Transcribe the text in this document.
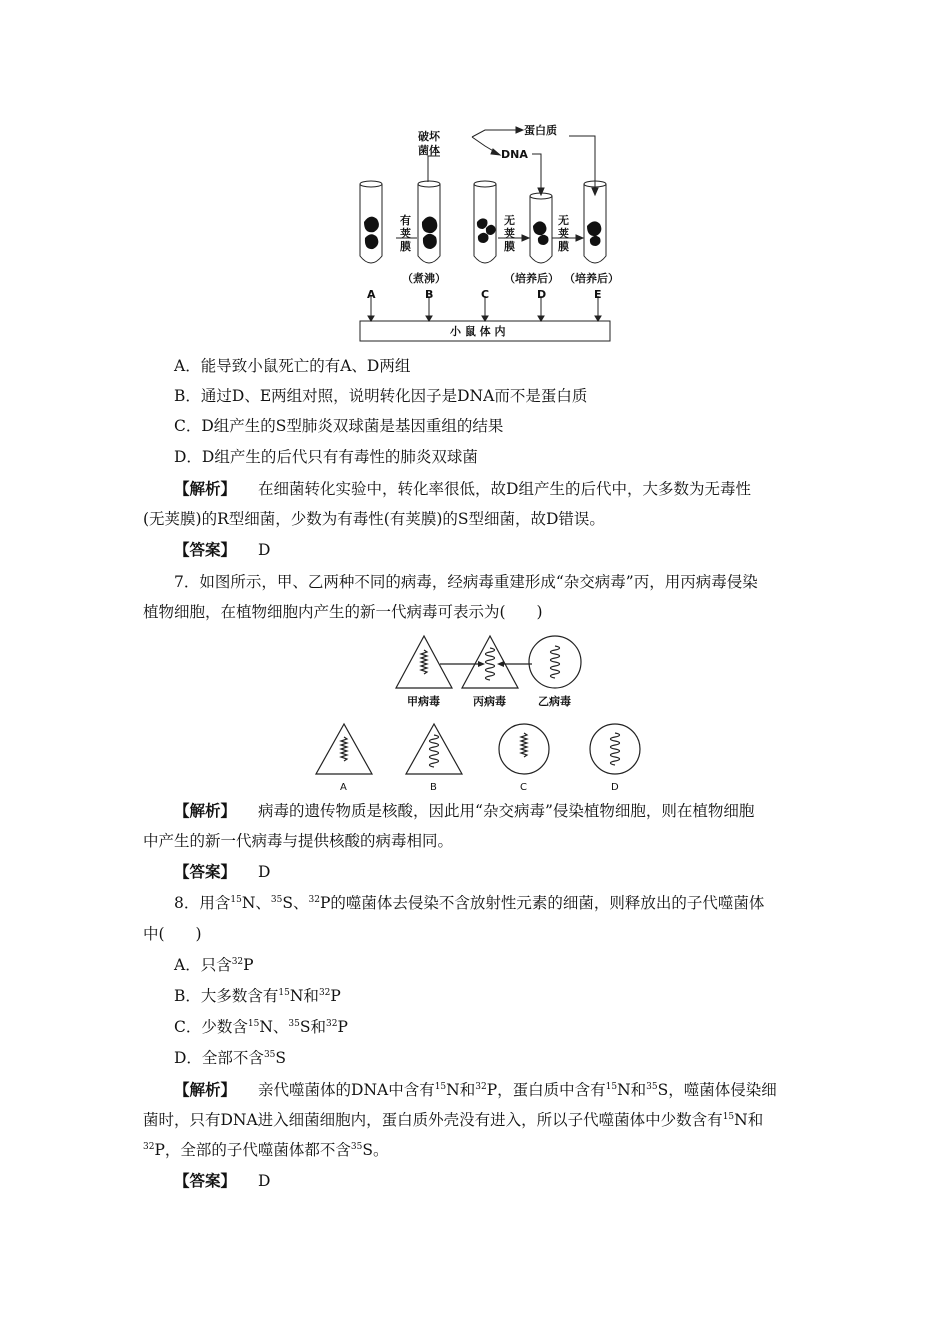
破坏
菌体	DNA
蛋白质
有
荚
膜
无
荚
膜
无
荚
膜
（煮沸）	（培养后） （培养后）
A	B	C	D	E
小 鼠 体 内
A．能导致小鼠死亡的有A、D两组
B．通过D、E两组对照，说明转化因子是DNA而不是蛋白质
C．D组产生的S型肺炎双球菌是基因重组的结果
D．D组产生的后代只有有毒性的肺炎双球菌
【解析】 在细菌转化实验中，转化率很低，故D组产生的后代中，大多数为无毒性
(无荚膜)的R型细菌，少数为有毒性(有荚膜)的S型细菌，故D错误。
【答案】 D
7．如图所示，甲、乙两种不同的病毒，经病毒重建形成“杂交病毒”丙，用丙病毒侵染
植物细胞，在植物细胞内产生的新一代病毒可表示为(　　)
甲病毒	丙病毒	乙病毒
A	B	C	D
【解析】 病毒的遗传物质是核酸，因此用“杂交病毒”侵染植物细胞，则在植物细胞
中产生的新一代病毒与提供核酸的病毒相同。
【答案】 D
8．用含$^{15}$N、$^{35}$S、$^{32}$P的噬菌体去侵染不含放射性元素的细菌，则释放出的子代噬菌体
中(　　)
A．只含$^{32}$P
B．大多数含有$^{15}$N和$^{32}$P
C．少数含$^{15}$N、$^{35}$S和$^{32}$P
D．全部不含$^{35}$S
【解析】 亲代噬菌体的DNA中含有$^{15}$N和$^{32}$P，蛋白质中含有$^{15}$N和$^{35}$S，噬菌体侵染细
菌时，只有DNA进入细菌细胞内，蛋白质外壳没有进入，所以子代噬菌体中少数含有$^{15}$N和
$^{32}$P，全部的子代噬菌体都不含$^{35}$S。
【答案】 D
